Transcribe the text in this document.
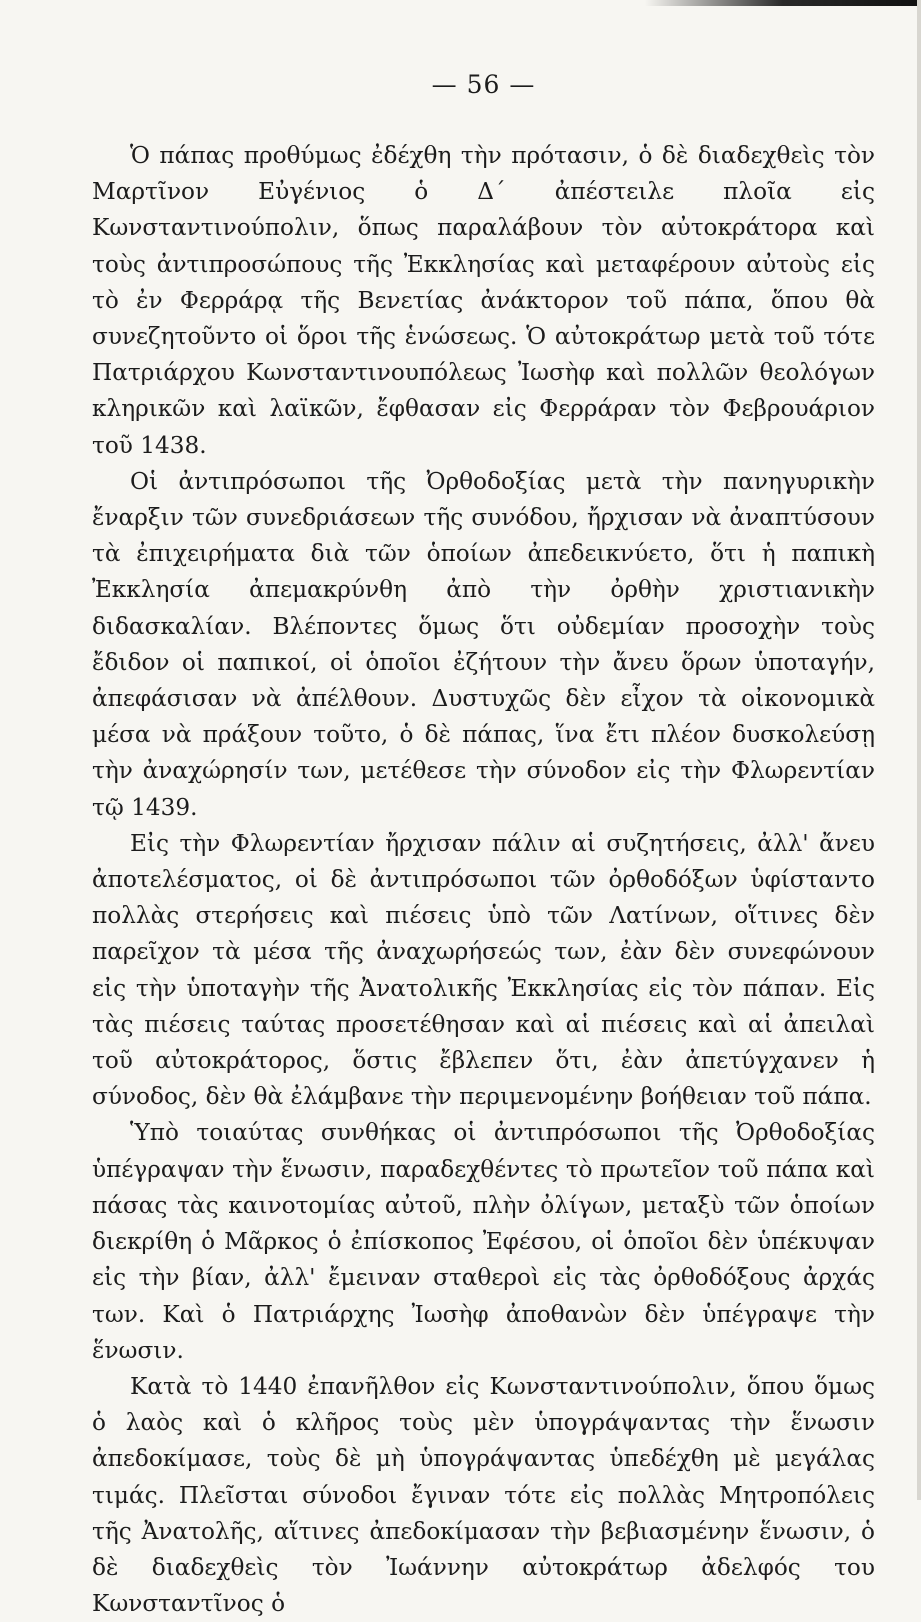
— 56 —

Ὁ πάπας προθύμως ἐδέχθη τὴν πρότασιν, ὁ δὲ διαδεχθεὶς τὸν Μαρτῖνον Εὐγένιος ὁ Δ΄ ἀπέστειλε πλοῖα εἰς Κωνσταντινούπολιν, ὅπως παραλάβουν τὸν αὐτοκράτορα καὶ τοὺς ἀντιπροσώπους τῆς Ἐκκλησίας καὶ μεταφέρουν αὐτοὺς εἰς τὸ ἐν Φερράρᾳ τῆς Βενετίας ἀνάκτορον τοῦ πάπα, ὅπου θὰ συνεζητοῦντο οἱ ὅροι τῆς ἑνώσεως. Ὁ αὐτοκράτωρ μετὰ τοῦ τότε Πατριάρχου Κωνσταντινουπόλεως Ἰωσὴφ καὶ πολλῶν θεολόγων κληρικῶν καὶ λαϊκῶν, ἔφθασαν εἰς Φερράραν τὸν Φεβρουάριον τοῦ 1438.

Οἱ ἀντιπρόσωποι τῆς Ὀρθοδοξίας μετὰ τὴν πανηγυρικὴν ἔναρξιν τῶν συνεδριάσεων τῆς συνόδου, ἤρχισαν νὰ ἀναπτύσουν τὰ ἐπιχειρήματα διὰ τῶν ὁποίων ἀπεδεικνύετο, ὅτι ἡ παπικὴ Ἐκκλησία ἀπεμακρύνθη ἀπὸ τὴν ὀρθὴν χριστιανικὴν διδασκαλίαν. Βλέποντες ὅμως ὅτι οὐδεμίαν προσοχὴν τοὺς ἔδιδον οἱ παπικοί, οἱ ὁποῖοι ἐζήτουν τὴν ἄνευ ὅρων ὑποταγήν, ἀπεφάσισαν νὰ ἀπέλθουν. Δυστυχῶς δὲν εἶχον τὰ οἰκονομικὰ μέσα νὰ πράξουν τοῦτο, ὁ δὲ πάπας, ἵνα ἔτι πλέον δυσκολεύσῃ τὴν ἀναχώρησίν των, μετέθεσε τὴν σύνοδον εἰς τὴν Φλωρεντίαν τῷ 1439.

Εἰς τὴν Φλωρεντίαν ἤρχισαν πάλιν αἱ συζητήσεις, ἀλλ' ἄνευ ἀποτελέσματος, οἱ δὲ ἀντιπρόσωποι τῶν ὀρθοδόξων ὑφίσταντο πολλὰς στερήσεις καὶ πιέσεις ὑπὸ τῶν Λατίνων, οἵτινες δὲν παρεῖχον τὰ μέσα τῆς ἀναχωρήσεώς των, ἐὰν δὲν συνεφώνουν εἰς τὴν ὑποταγὴν τῆς Ἀνατολικῆς Ἐκκλησίας εἰς τὸν πάπαν. Εἰς τὰς πιέσεις ταύτας προσετέθησαν καὶ αἱ πιέσεις καὶ αἱ ἀπειλαὶ τοῦ αὐτοκράτορος, ὅστις ἔβλεπεν ὅτι, ἐὰν ἀπετύγχανεν ἡ σύνοδος, δὲν θὰ ἐλάμβανε τὴν περιμενομένην βοήθειαν τοῦ πάπα.

Ὑπὸ τοιαύτας συνθήκας οἱ ἀντιπρόσωποι τῆς Ὀρθοδοξίας ὑπέγραψαν τὴν ἕνωσιν, παραδεχθέντες τὸ πρωτεῖον τοῦ πάπα καὶ πάσας τὰς καινοτομίας αὐτοῦ, πλὴν ὀλίγων, μεταξὺ τῶν ὁποίων διεκρίθη ὁ Μᾶρκος ὁ ἐπίσκοπος Ἐφέσου, οἱ ὁποῖοι δὲν ὑπέκυψαν εἰς τὴν βίαν, ἀλλ' ἔμειναν σταθεροὶ εἰς τὰς ὀρθοδόξους ἀρχάς των. Καὶ ὁ Πατριάρχης Ἰωσὴφ ἀποθανὼν δὲν ὑπέγραψε τὴν ἕνωσιν.

Κατὰ τὸ 1440 ἐπανῆλθον εἰς Κωνσταντινούπολιν, ὅπου ὅμως ὁ λαὸς καὶ ὁ κλῆρος τοὺς μὲν ὑπογράψαντας τὴν ἕνωσιν ἀπεδοκίμασε, τοὺς δὲ μὴ ὑπογράψαντας ὑπεδέχθη μὲ μεγάλας τιμάς. Πλεῖσται σύνοδοι ἔγιναν τότε εἰς πολλὰς Μητροπόλεις τῆς Ἀνατολῆς, αἵτινες ἀπεδοκίμασαν τὴν βεβιασμένην ἕνωσιν, ὁ δὲ διαδεχθεὶς τὸν Ἰωάννην αὐτοκράτωρ ἀδελφός του Κωνσταντῖνος ὁ
